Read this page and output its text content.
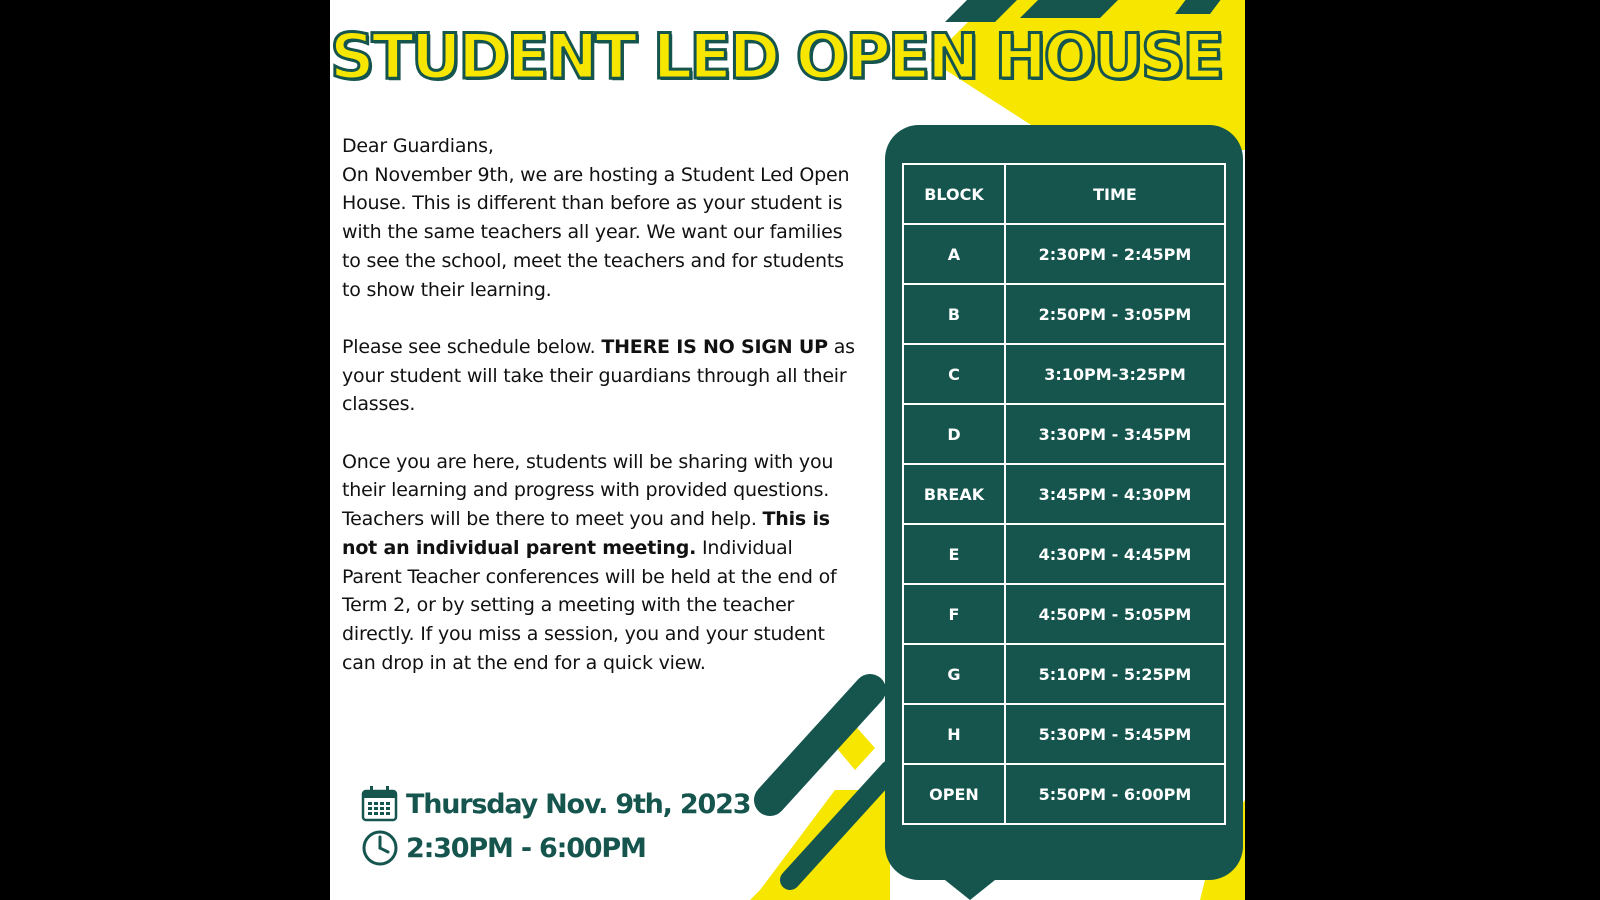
STUDENT LED OPEN HOUSE
Dear Guardians,

On November 9th, we are hosting a Student Led Open House. This is different than before as your student is with the same teachers all year. We want our families to see the school, meet the teachers and for students to show their learning.

Please see schedule below. THERE IS NO SIGN UP as your student will take their guardians through all their classes.

Once you are here, students will be sharing with you their learning and progress with provided questions. Teachers will be there to meet you and help. This is not an individual parent meeting. Individual Parent Teacher conferences will be held at the end of Term 2, or by setting a meeting with the teacher directly. If you miss a session, you and your student can drop in at the end for a quick view.

Thursday Nov. 9th, 2023
2:30PM - 6:00PM
BLOCK	TIME
A	2:30PM - 2:45PM
B	2:50PM - 3:05PM
C	3:10PM-3:25PM
D	3:30PM - 3:45PM
BREAK	3:45PM - 4:30PM
E	4:30PM - 4:45PM
F	4:50PM - 5:05PM
G	5:10PM - 5:25PM
H	5:30PM - 5:45PM
OPEN	5:50PM - 6:00PM
